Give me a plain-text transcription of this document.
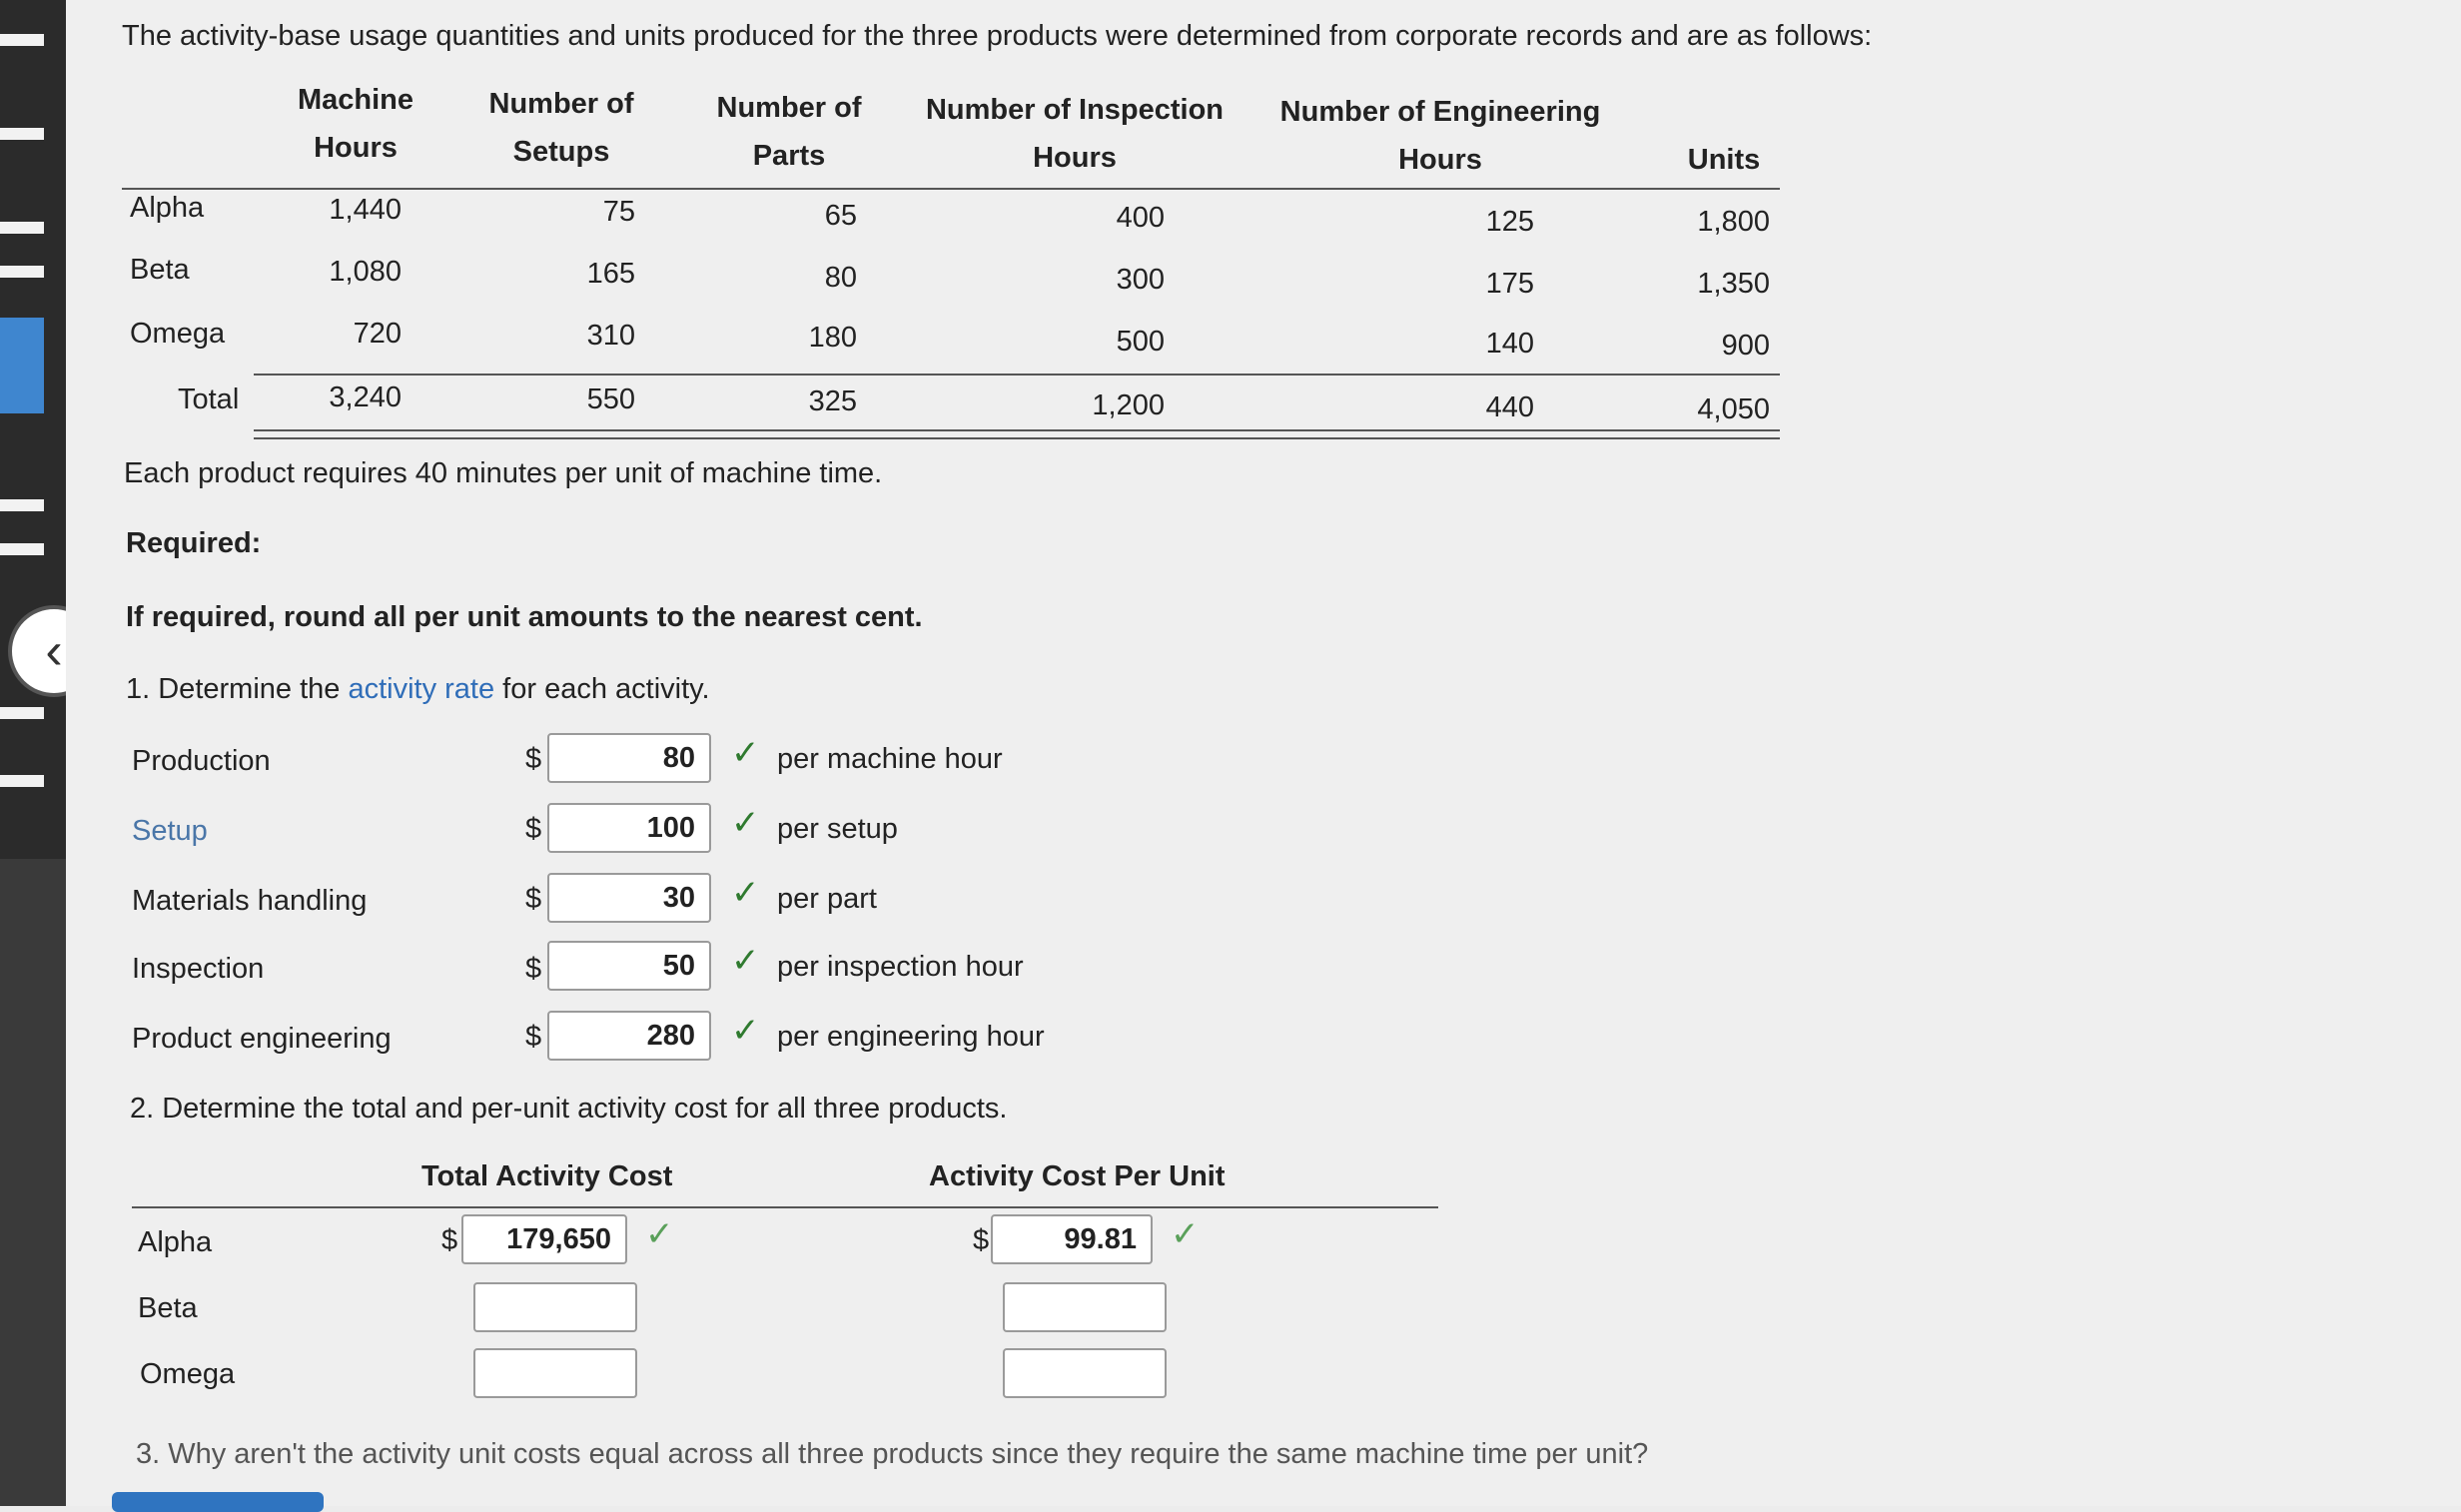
‹
The activity-base usage quantities and units produced for the three products were determined from corporate records and are as follows:
Machine
Hours
Number of
Setups
Number of
Parts
Number of Inspection
Hours
Number of Engineering
Hours	Units
Alpha	1,440	75	65	400	125	1,800
Beta	1,080	165	80	300	175	1,350
Omega	720	310	180	500	140	900
Total	3,240	550	325	1,200	440	4,050
Each product requires 40 minutes per unit of machine time.
Required:
If required, round all per unit amounts to the nearest cent.
1. Determine the activity rate for each activity.
Production	$	80	✓ per machine hour
Setup	$	100	✓ per setup
Materials handling	$	30	✓ per part
Inspection	$	50	✓ per inspection hour
Product engineering	$	280	✓ per engineering hour
2. Determine the total and per-unit activity cost for all three products.
Total Activity Cost	Activity Cost Per Unit
Alpha	$	179,650	✓	$	99.81	✓
Beta
Omega
3. Why aren't the activity unit costs equal across all three products since they require the same machine time per unit?
